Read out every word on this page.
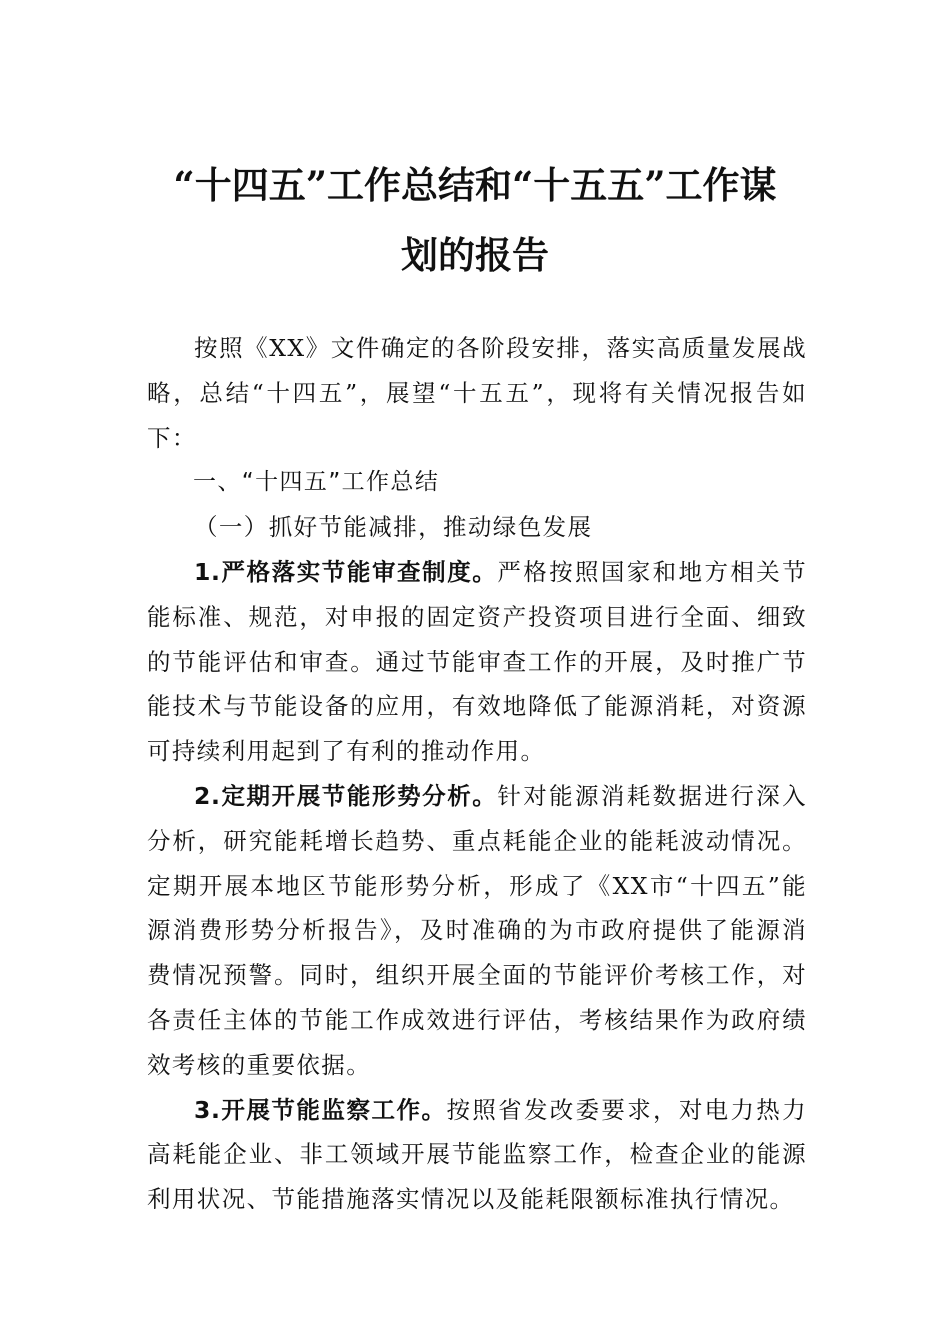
“十四五”工作总结和“十五五”工作谋
划的报告

按照《XX》文件确定的各阶段安排，落实高质量发展战略，总结“十四五”，展望“十五五”，现将有关情况报告如下：

一、“十四五”工作总结

（一）抓好节能减排，推动绿色发展

1.严格落实节能审查制度。严格按照国家和地方相关节能标准、规范，对申报的固定资产投资项目进行全面、细致的节能评估和审查。通过节能审查工作的开展，及时推广节能技术与节能设备的应用，有效地降低了能源消耗，对资源可持续利用起到了有利的推动作用。

2.定期开展节能形势分析。针对能源消耗数据进行深入分析，研究能耗增长趋势、重点耗能企业的能耗波动情况。定期开展本地区节能形势分析，形成了《XX市“十四五”能源消费形势分析报告》，及时准确的为市政府提供了能源消费情况预警。同时，组织开展全面的节能评价考核工作，对各责任主体的节能工作成效进行评估，考核结果作为政府绩效考核的重要依据。

3.开展节能监察工作。按照省发改委要求，对电力热力高耗能企业、非工领域开展节能监察工作，检查企业的能源利用状况、节能措施落实情况以及能耗限额标准执行情况。
